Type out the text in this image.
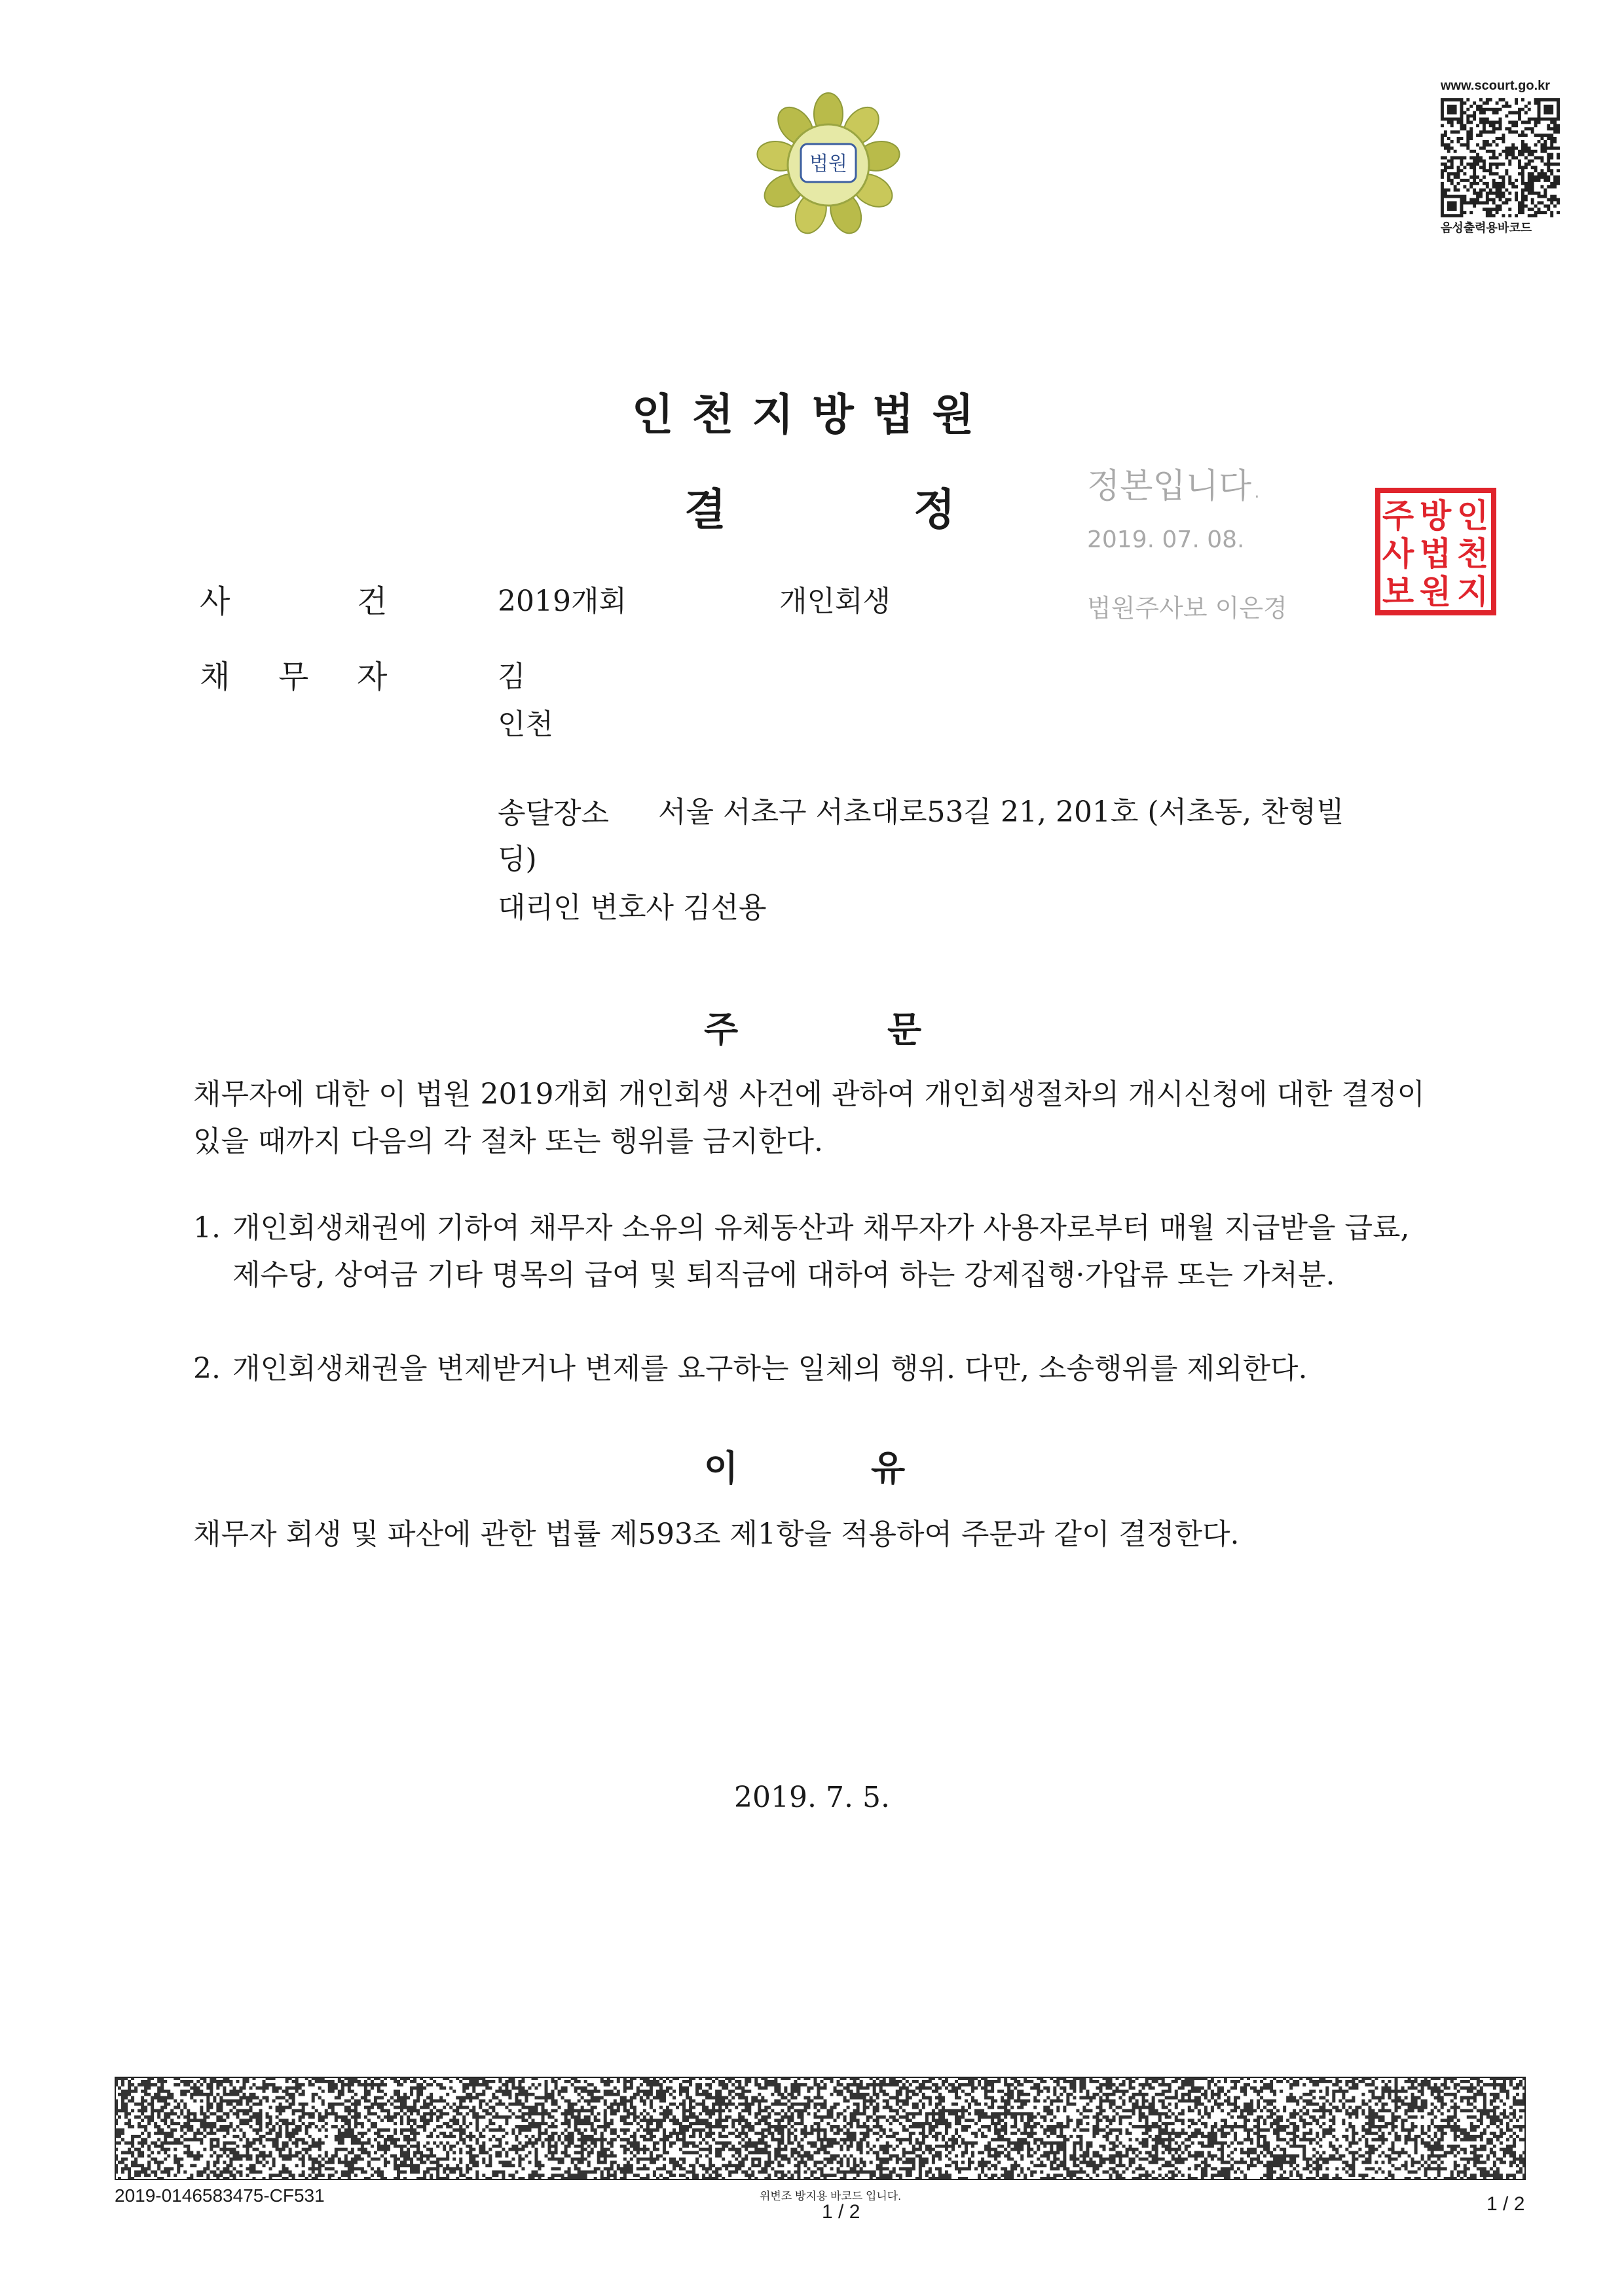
법원
www.scourt.go.kr
음성출력용바코드
인천지방법원
결	정	정본입니다.
2019. 07. 08.
법원주사보 이은경
인
천
지
방
법
원
주
사
보
사	건	2019개회	개인회생
채 무 자	김
인천
송달장소 서울 서초구 서초대로53길 21, 201호 (서초동, 찬형빌
딩)
대리인 변호사 김선용
주	문
채무자에 대한 이 법원 2019개회 개인회생 사건에 관하여 개인회생절차의 개시신청에 대한 결정이 있을 때까지 다음의 각 절차 또는 행위를 금지한다.
1. 개인회생채권에 기하여 채무자 소유의 유체동산과 채무자가 사용자로부터 매월 지급받을 급료, 제수당, 상여금 기타 명목의 급여 및 퇴직금에 대하여 하는 강제집행·가압류 또는 가처분.
2. 개인회생채권을 변제받거나 변제를 요구하는 일체의 행위. 다만, 소송행위를 제외한다.
이	유
채무자 회생 및 파산에 관한 법률 제593조 제1항을 적용하여 주문과 같이 결정한다.
2019. 7. 5.
2019-0146583475-CF531	위변조 방지용 바코드 입니다.
1 / 2	1 / 2
